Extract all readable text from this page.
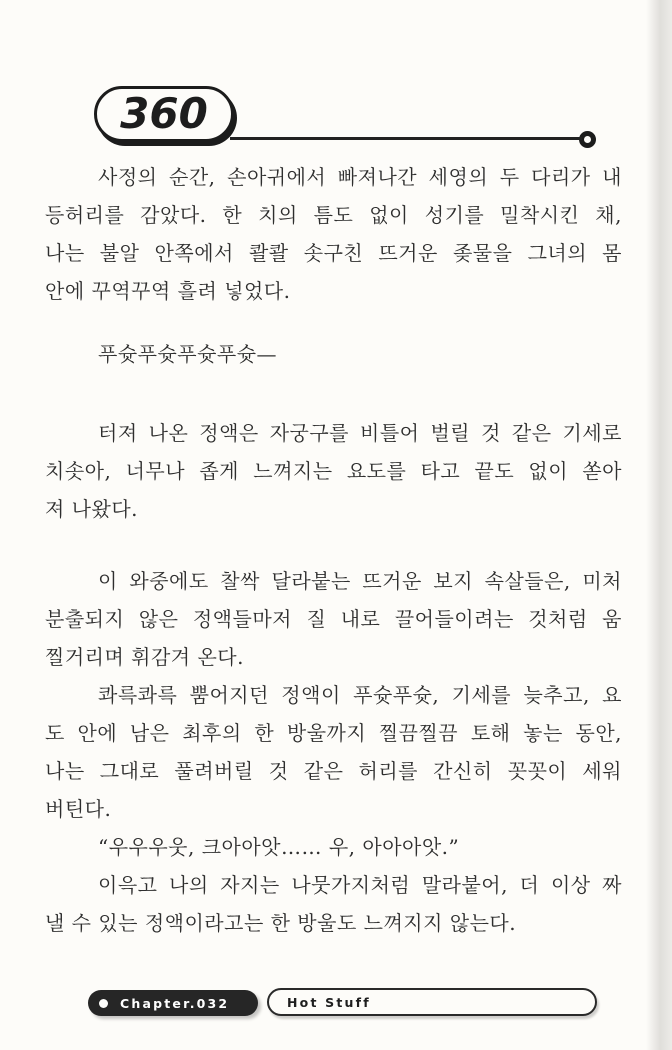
360
사정의 순간, 손아귀에서 빠져나간 세영의 두 다리가 내
등허리를 감았다. 한 치의 틈도 없이 성기를 밀착시킨 채,
나는 불알 안쪽에서 콸콸 솟구친 뜨거운 좆물을 그녀의 몸
안에 꾸역꾸역 흘려 넣었다.
푸슛푸슛푸슛푸슛—
터져 나온 정액은 자궁구를 비틀어 벌릴 것 같은 기세로
치솟아, 너무나 좁게 느껴지는 요도를 타고 끝도 없이 쏟아
져 나왔다.
이 와중에도 찰싹 달라붙는 뜨거운 보지 속살들은, 미처
분출되지 않은 정액들마저 질 내로 끌어들이려는 것처럼 움
찔거리며 휘감겨 온다.
콰륵콰륵 뿜어지던 정액이 푸슛푸슛, 기세를 늦추고, 요
도 안에 남은 최후의 한 방울까지 찔끔찔끔 토해 놓는 동안,
나는 그대로 풀려버릴 것 같은 허리를 간신히 꼿꼿이 세워
버틴다.
“우우우웃, 크아아앗…… 우, 아아아앗.”
이윽고 나의 자지는 나뭇가지처럼 말라붙어, 더 이상 짜
낼 수 있는 정액이라고는 한 방울도 느껴지지 않는다.
Chapter.032	Hot Stuff
